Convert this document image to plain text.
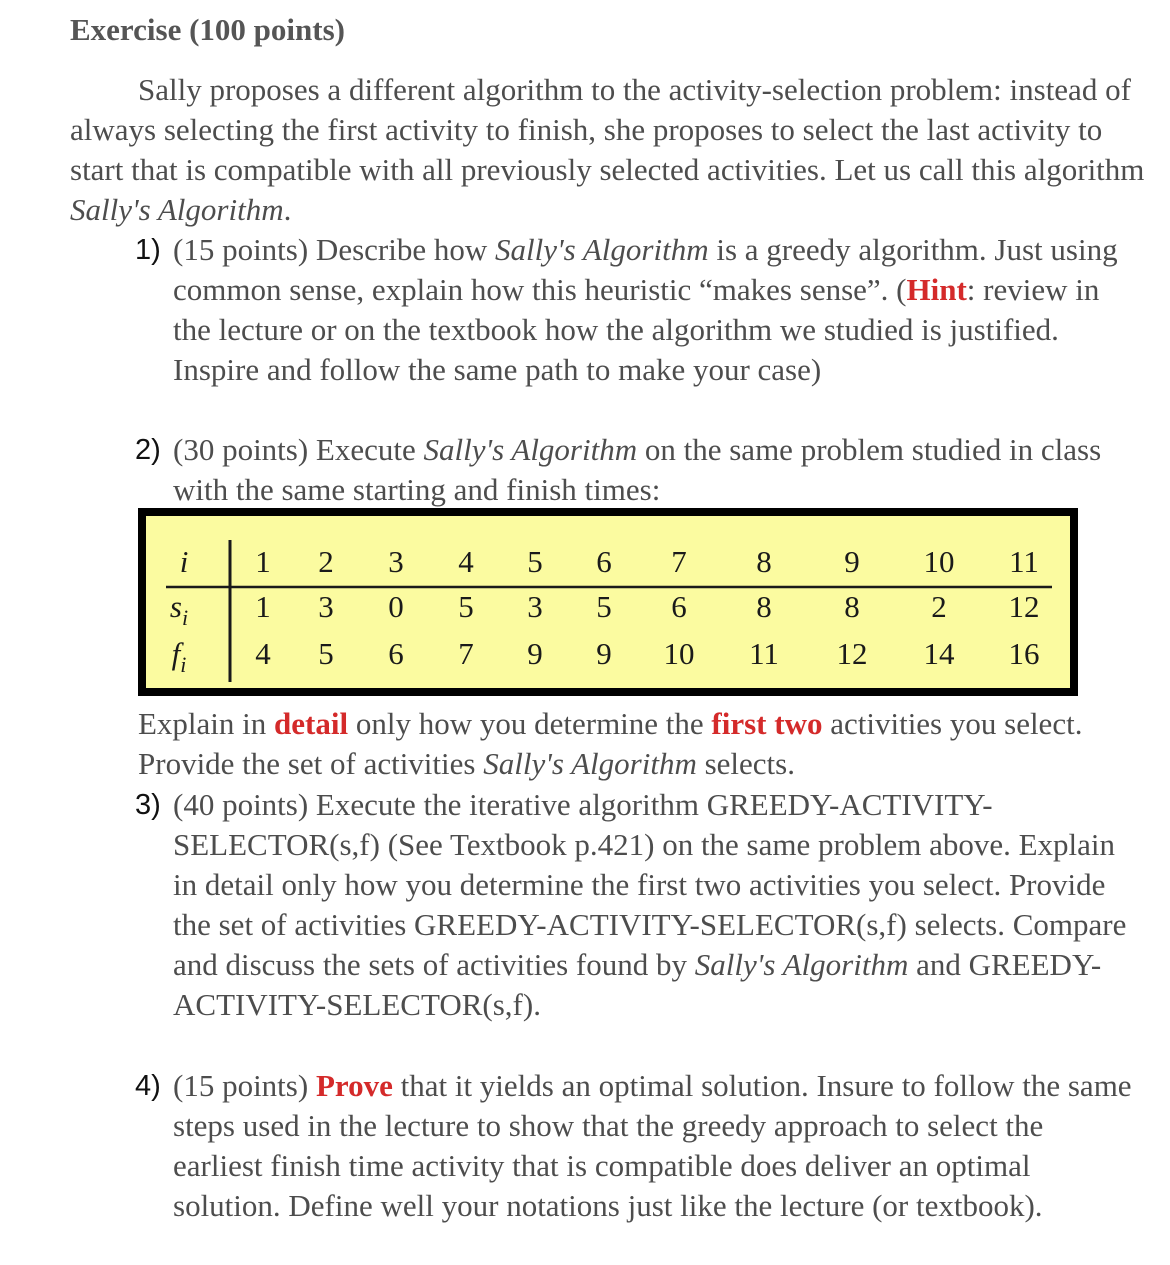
Exercise (100 points)

Sally proposes a different algorithm to the activity-selection problem: instead of always selecting the first activity to finish, she proposes to select the last activity to start that is compatible with all previously selected activities. Let us call this algorithm Sally's Algorithm.

1) (15 points) Describe how Sally's Algorithm is a greedy algorithm. Just using common sense, explain how this heuristic “makes sense”. (Hint: review in the lecture or on the textbook how the algorithm we studied is justified. Inspire and follow the same path to make your case)

2) (30 points) Execute Sally's Algorithm on the same problem studied in class with the same starting and finish times:

i
$s_i$
$f_i$
1 2 3 4 5 6 7 8 9 10 11
1 3 0 5 3 5 6 8 8 2 12
4 5 6 7 9 9 10 11 12 14 16

Explain in detail only how you determine the first two activities you select. Provide the set of activities Sally's Algorithm selects.

3) (40 points) Execute the iterative algorithm GREEDY-ACTIVITY-SELECTOR(s,f) (See Textbook p.421) on the same problem above. Explain in detail only how you determine the first two activities you select. Provide the set of activities GREEDY-ACTIVITY-SELECTOR(s,f) selects. Compare and discuss the sets of activities found by Sally's Algorithm and GREEDY-ACTIVITY-SELECTOR(s,f).

4) (15 points) Prove that it yields an optimal solution. Insure to follow the same steps used in the lecture to show that the greedy approach to select the earliest finish time activity that is compatible does deliver an optimal solution. Define well your notations just like the lecture (or textbook).
